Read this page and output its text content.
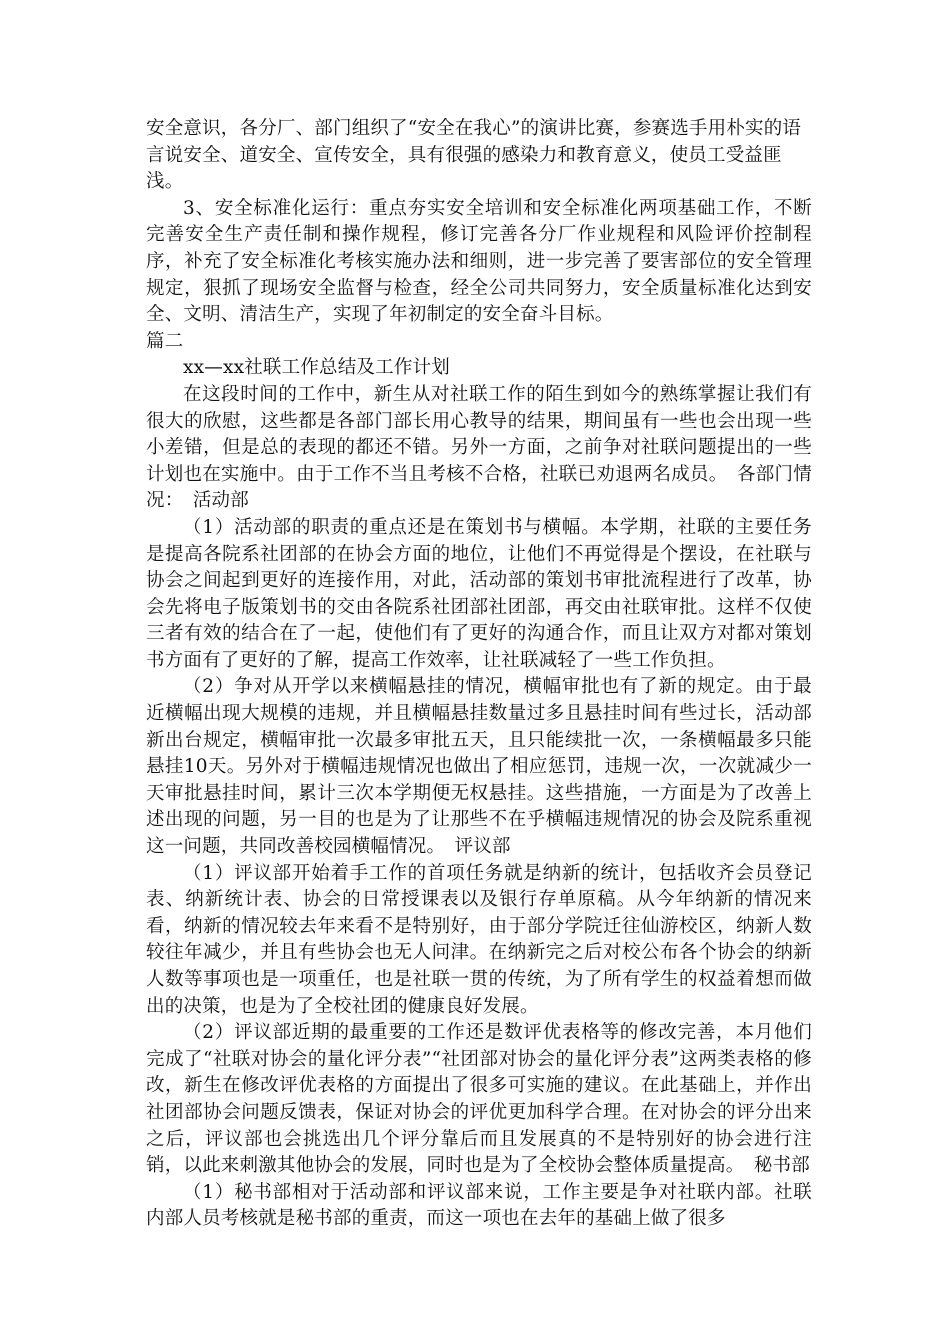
安全意识，各分厂、部门组织了“安全在我心”的演讲比赛，参赛选手用朴实的语言说安全、道安全、宣传安全，具有很强的感染力和教育意义，使员工受益匪浅。

3、安全标准化运行：重点夯实安全培训和安全标准化两项基础工作，不断完善安全生产责任制和操作规程，修订完善各分厂作业规程和风险评价控制程序，补充了安全标准化考核实施办法和细则，进一步完善了要害部位的安全管理规定，狠抓了现场安全监督与检查，经全公司共同努力，安全质量标准化达到安全、文明、清洁生产，实现了年初制定的安全奋斗目标。

篇二

xx—xx社联工作总结及工作计划

在这段时间的工作中，新生从对社联工作的陌生到如今的熟练掌握让我们有很大的欣慰，这些都是各部门部长用心教导的结果，期间虽有一些也会出现一些小差错，但是总的表现的都还不错。另外一方面，之前争对社联问题提出的一些计划也在实施中。由于工作不当且考核不合格，社联已劝退两名成员。　各部门情况：　活动部

（1）活动部的职责的重点还是在策划书与横幅。本学期，社联的主要任务是提高各院系社团部的在协会方面的地位，让他们不再觉得是个摆设，在社联与协会之间起到更好的连接作用，对此，活动部的策划书审批流程进行了改革，协会先将电子版策划书的交由各院系社团部社团部，再交由社联审批。这样不仅使三者有效的结合在了一起，使他们有了更好的沟通合作，而且让双方对都对策划书方面有了更好的了解，提高工作效率，让社联减轻了一些工作负担。

（2）争对从开学以来横幅悬挂的情况，横幅审批也有了新的规定。由于最近横幅出现大规模的违规，并且横幅悬挂数量过多且悬挂时间有些过长，活动部新出台规定，横幅审批一次最多审批五天，且只能续批一次，一条横幅最多只能悬挂10天。另外对于横幅违规情况也做出了相应惩罚，违规一次，一次就减少一天审批悬挂时间，累计三次本学期便无权悬挂。这些措施，一方面是为了改善上述出现的问题，另一目的也是为了让那些不在乎横幅违规情况的协会及院系重视这一问题，共同改善校园横幅情况。　评议部

（1）评议部开始着手工作的首项任务就是纳新的统计，包括收齐会员登记表、纳新统计表、协会的日常授课表以及银行存单原稿。从今年纳新的情况来看，纳新的情况较去年来看不是特别好，由于部分学院迁往仙游校区，纳新人数较往年减少，并且有些协会也无人问津。在纳新完之后对校公布各个协会的纳新人数等事项也是一项重任，也是社联一贯的传统，为了所有学生的权益着想而做出的决策，也是为了全校社团的健康良好发展。

（2）评议部近期的最重要的工作还是数评优表格等的修改完善，本月他们完成了“社联对协会的量化评分表”“社团部对协会的量化评分表”这两类表格的修改，新生在修改评优表格的方面提出了很多可实施的建议。在此基础上，并作出社团部协会问题反馈表，保证对协会的评优更加科学合理。在对协会的评分出来之后，评议部也会挑选出几个评分靠后而且发展真的不是特别好的协会进行注销，以此来刺激其他协会的发展，同时也是为了全校协会整体质量提高。　秘书部

（1）秘书部相对于活动部和评议部来说，工作主要是争对社联内部。社联内部人员考核就是秘书部的重责，而这一项也在去年的基础上做了很多
